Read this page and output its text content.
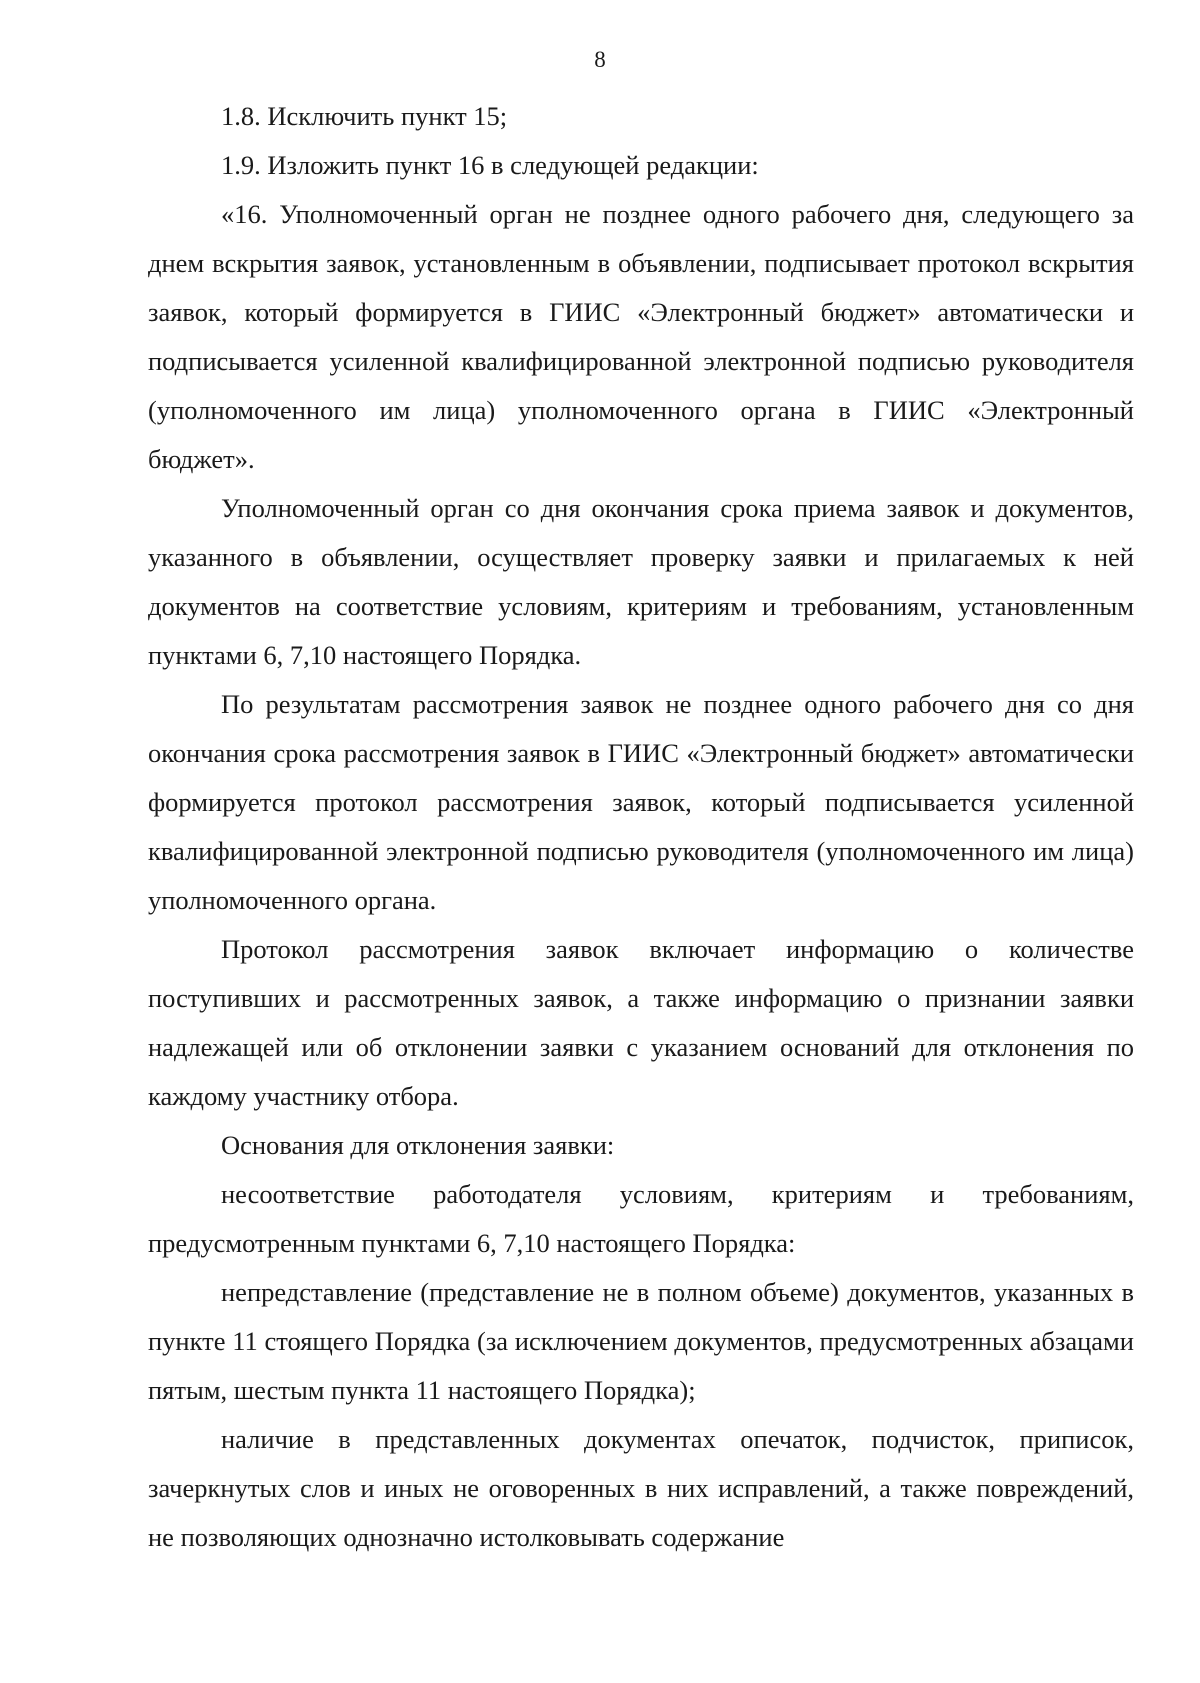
8

1.8. Исключить пункт 15;

1.9. Изложить пункт 16 в следующей редакции:

«16. Уполномоченный орган не позднее одного рабочего дня, следующего за днем вскрытия заявок, установленным в объявлении, подписывает протокол вскрытия заявок, который формируется в ГИИС «Электронный бюджет» автоматически и подписывается усиленной квалифицированной электронной подписью руководителя (уполномоченного им лица) уполномоченного органа в ГИИС «Электронный бюджет».

Уполномоченный орган со дня окончания срока приема заявок и документов, указанного в объявлении, осуществляет проверку заявки и прилагаемых к ней документов на соответствие условиям, критериям и требованиям, установленным пунктами 6, 7,10 настоящего Порядка.

По результатам рассмотрения заявок не позднее одного рабочего дня со дня окончания срока рассмотрения заявок в ГИИС «Электронный бюджет» автоматически формируется протокол рассмотрения заявок, который подписывается усиленной квалифицированной электронной подписью руководителя (уполномоченного им лица) уполномоченного органа.

Протокол рассмотрения заявок включает информацию о количестве поступивших и рассмотренных заявок, а также информацию о признании заявки надлежащей или об отклонении заявки с указанием оснований для отклонения по каждому участнику отбора.

Основания для отклонения заявки:

несоответствие работодателя условиям, критериям и требованиям, предусмотренным пунктами 6, 7,10 настоящего Порядка:

непредставление (представление не в полном объеме) документов, указанных в пункте 11 стоящего Порядка (за исключением документов, предусмотренных абзацами пятым, шестым пункта 11 настоящего Порядка);

наличие в представленных документах опечаток, подчисток, приписок, зачеркнутых слов и иных не оговоренных в них исправлений, а также повреждений, не позволяющих однозначно истолковывать содержание
